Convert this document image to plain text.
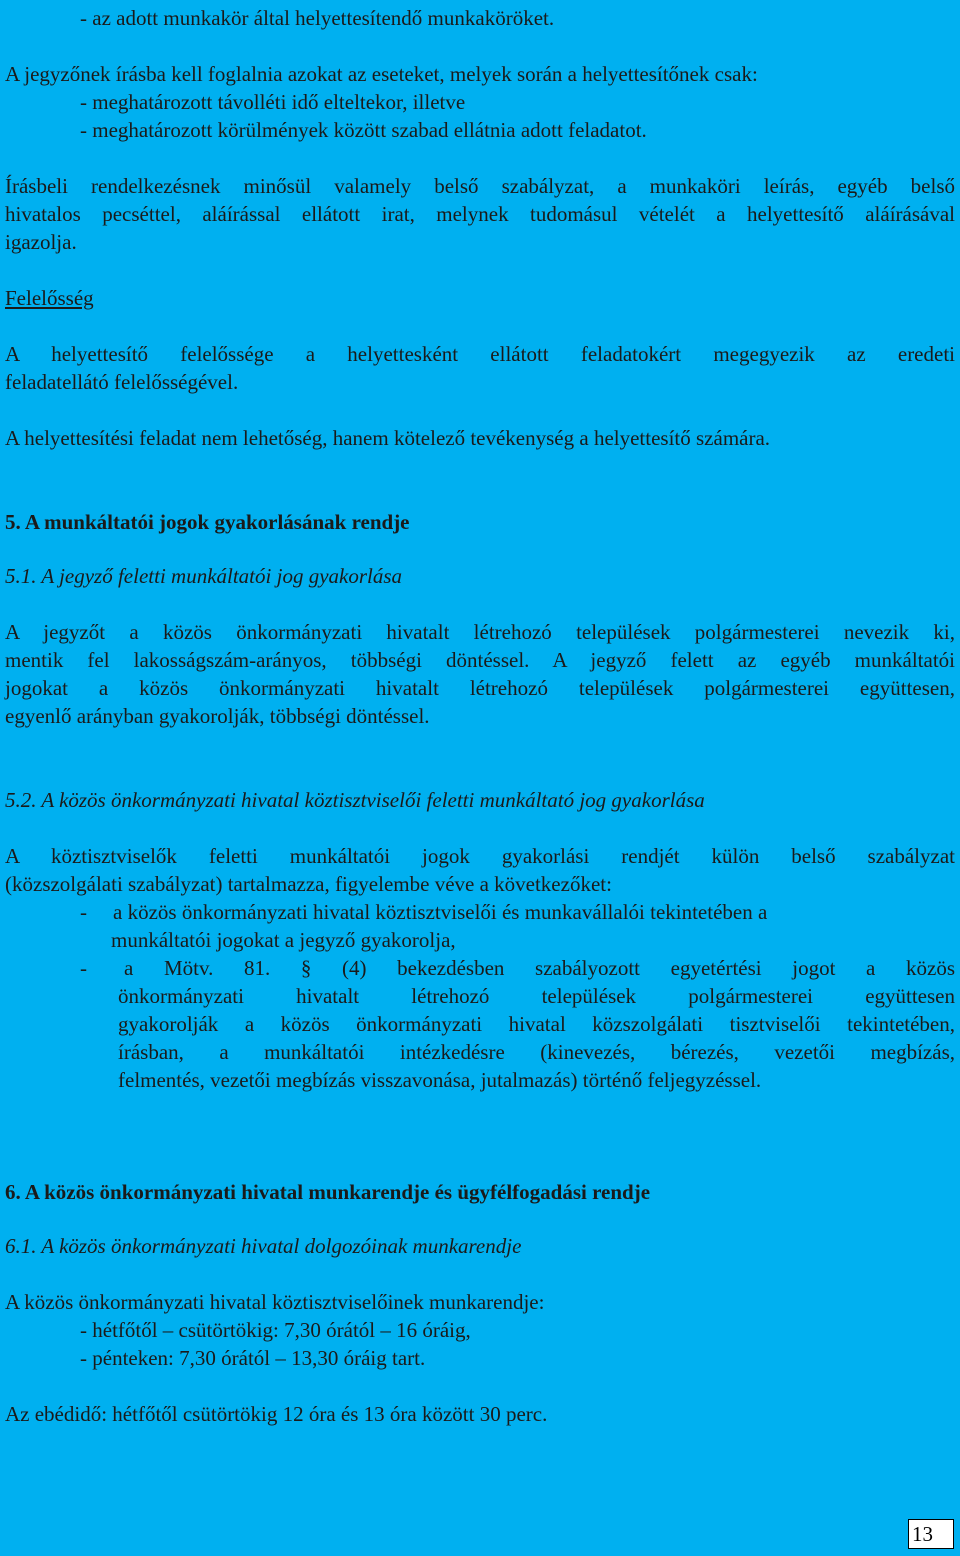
- az adott munkakör által helyettesítendő munkaköröket.
A jegyzőnek írásba kell foglalnia azokat az eseteket, melyek során a helyettesítőnek csak:
- meghatározott távolléti idő elteltekor, illetve
- meghatározott körülmények között szabad ellátnia adott feladatot.
Írásbeli rendelkezésnek minősül valamely belső szabályzat, a munkaköri leírás, egyéb belső
hivatalos pecséttel, aláírással ellátott irat, melynek tudomásul vételét a helyettesítő aláírásával
igazolja.
Felelősség
A helyettesítő felelőssége a helyettesként ellátott feladatokért megegyezik az eredeti
feladatellátó felelősségével.
A helyettesítési feladat nem lehetőség, hanem kötelező tevékenység a helyettesítő számára.
5. A munkáltatói jogok gyakorlásának rendje
5.1. A jegyző feletti munkáltatói jog gyakorlása
A jegyzőt a közös önkormányzati hivatalt létrehozó települések polgármesterei nevezik ki,
mentik fel lakosságszám-arányos, többségi döntéssel. A jegyző felett az egyéb munkáltatói
jogokat a közös önkormányzati hivatalt létrehozó települések polgármesterei együttesen,
egyenlő arányban gyakorolják, többségi döntéssel.
5.2. A közös önkormányzati hivatal köztisztviselői feletti munkáltató jog gyakorlása
A köztisztviselők feletti munkáltatói jogok gyakorlási rendjét külön belső szabályzat
(közszolgálati szabályzat) tartalmazza, figyelembe véve a következőket:
- a közös önkormányzati hivatal köztisztviselői és munkavállalói tekintetében a
munkáltatói jogokat a jegyző gyakorolja,
- a Mötv. 81. § (4) bekezdésben szabályozott egyetértési jogot a közös
önkormányzati hivatalt létrehozó települések polgármesterei együttesen
gyakorolják a közös önkormányzati hivatal közszolgálati tisztviselői tekintetében,
írásban, a munkáltatói intézkedésre (kinevezés, bérezés, vezetői megbízás,
felmentés, vezetői megbízás visszavonása, jutalmazás) történő feljegyzéssel.
6. A közös önkormányzati hivatal munkarendje és ügyfélfogadási rendje
6.1. A közös önkormányzati hivatal dolgozóinak munkarendje
A közös önkormányzati hivatal köztisztviselőinek munkarendje:
- hétfőtől – csütörtökig: 7,30 órától – 16 óráig,
- pénteken: 7,30 órától – 13,30 óráig tart.
Az ebédidő: hétfőtől csütörtökig 12 óra és 13 óra között 30 perc.
13
